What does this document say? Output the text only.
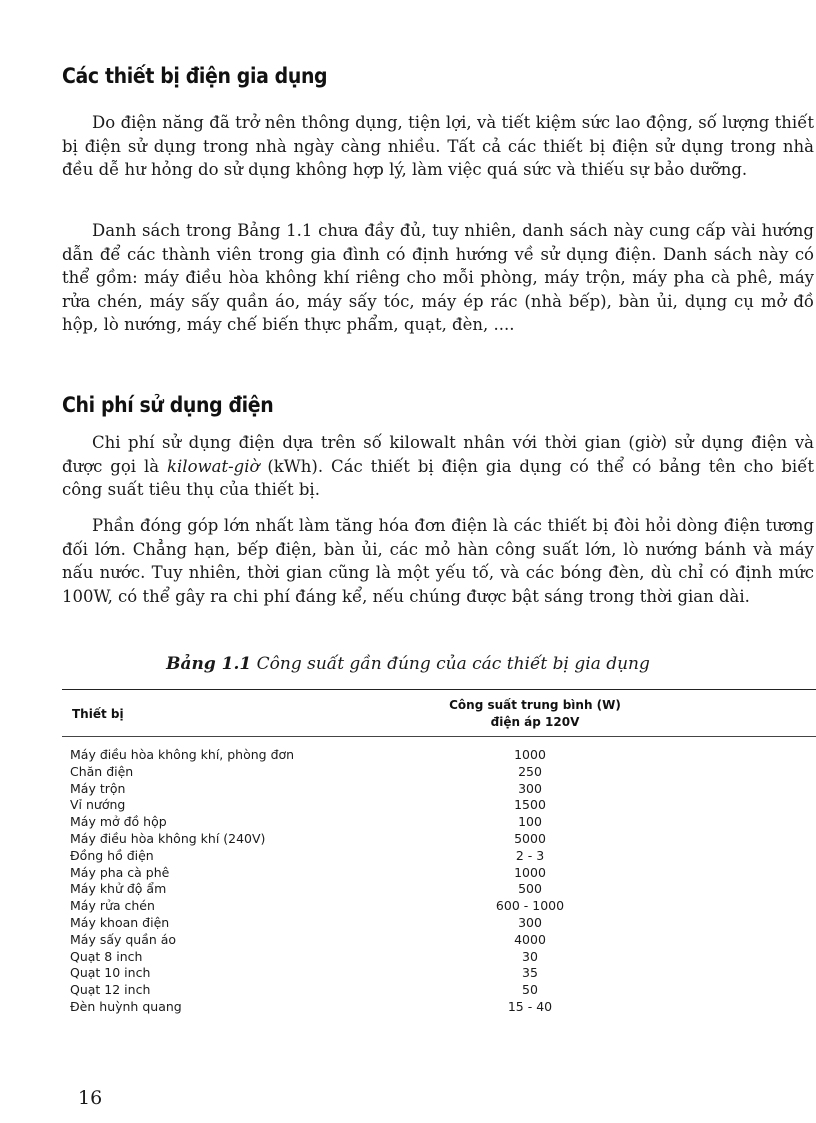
Các thiết bị điện gia dụng

Do điện năng đã trở nên thông dụng, tiện lợi, và tiết kiệm sức lao động, số lượng thiết bị điện sử dụng trong nhà ngày càng nhiều. Tất cả các thiết bị điện sử dụng trong nhà đều dễ hư hỏng do sử dụng không hợp lý, làm việc quá sức và thiếu sự bảo dưỡng.

Danh sách trong Bảng 1.1 chưa đầy đủ, tuy nhiên, danh sách này cung cấp vài hướng dẫn để các thành viên trong gia đình có định hướng về sử dụng điện. Danh sách này có thể gồm: máy điều hòa không khí riêng cho mỗi phòng, máy trộn, máy pha cà phê, máy rửa chén, máy sấy quần áo, máy sấy tóc, máy ép rác (nhà bếp), bàn ủi, dụng cụ mở đồ hộp, lò nướng, máy chế biến thực phẩm, quạt, đèn, ....

Chi phí sử dụng điện

Chi phí sử dụng điện dựa trên số kilowalt nhân với thời gian (giờ) sử dụng điện và được gọi là kilowat-giờ (kWh). Các thiết bị điện gia dụng có thể có bảng tên cho biết công suất tiêu thụ của thiết bị.

Phần đóng góp lớn nhất làm tăng hóa đơn điện là các thiết bị đòi hỏi dòng điện tương đối lớn. Chẳng hạn, bếp điện, bàn ủi, các mỏ hàn công suất lớn, lò nướng bánh và máy nấu nước. Tuy nhiên, thời gian cũng là một yếu tố, và các bóng đèn, dù chỉ có định mức 100W, có thể gây ra chi phí đáng kể, nếu chúng được bật sáng trong thời gian dài.

Bảng 1.1 Công suất gần đúng của các thiết bị gia dụng

Thiết bị
Công suất trung bình (W)
điện áp 120V
Máy điều hòa không khí, phòng đơn	1000
Chăn điện	250
Máy trộn	300
Vỉ nướng	1500
Máy mở đồ hộp	100
Máy điều hòa không khí (240V)	5000
Đồng hồ điện	2 - 3
Máy pha cà phê	1000
Máy khử độ ẩm	500
Máy rửa chén	600 - 1000
Máy khoan điện	300
Máy sấy quần áo	4000
Quạt 8 inch	30
Quạt 10 inch	35
Quạt 12 inch	50
Đèn huỳnh quang	15 - 40

16
